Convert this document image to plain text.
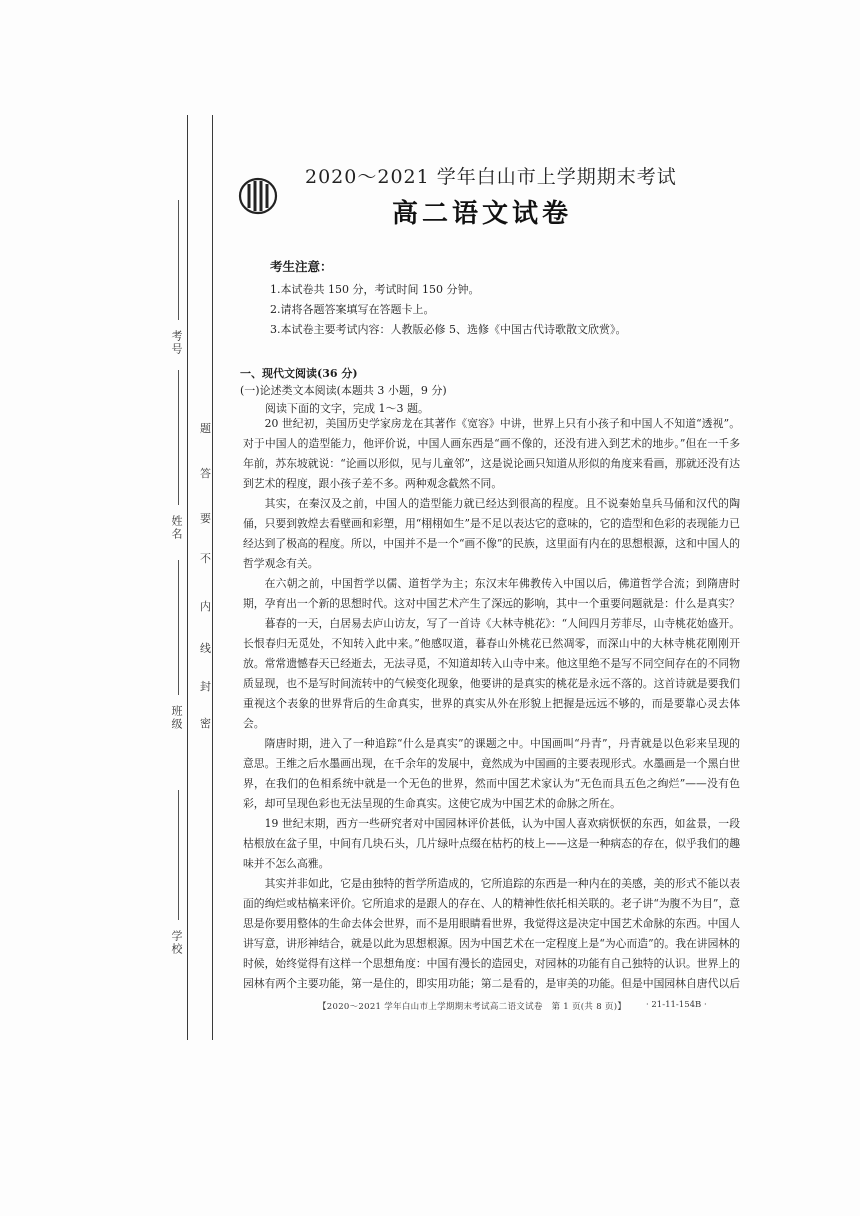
考号
姓名
班级
学校
密
封
线
内
不
要
答
题
2020～2021 学年白山市上学期期末考试
高二语文试卷
考生注意：
1.本试卷共 150 分，考试时间 150 分钟。
2.请将各题答案填写在答题卡上。
3.本试卷主要考试内容：人教版必修 5、选修《中国古代诗歌散文欣赏》。
一、现代文阅读(36 分)
(一)论述类文本阅读(本题共 3 小题，9 分)
阅读下面的文字，完成 1～3 题。

20 世纪初，美国历史学家房龙在其著作《宽容》中讲，世界上只有小孩子和中国人不知道“透视”。对于中国人的造型能力，他评价说，中国人画东西是“画不像的，还没有进入到艺术的地步。”但在一千多年前，苏东坡就说：“论画以形似，见与儿童邻”，这是说论画只知道从形似的角度来看画，那就还没有达到艺术的程度，跟小孩子差不多。两种观念截然不同。

其实，在秦汉及之前，中国人的造型能力就已经达到很高的程度。且不说秦始皇兵马俑和汉代的陶俑，只要到敦煌去看壁画和彩塑，用“栩栩如生”是不足以表达它的意味的，它的造型和色彩的表现能力已经达到了极高的程度。所以，中国并不是一个“画不像”的民族，这里面有内在的思想根源，这和中国人的哲学观念有关。

在六朝之前，中国哲学以儒、道哲学为主；东汉末年佛教传入中国以后，佛道哲学合流；到隋唐时期，孕育出一个新的思想时代。这对中国艺术产生了深远的影响，其中一个重要问题就是：什么是真实？

暮春的一天，白居易去庐山访友，写了一首诗《大林寺桃花》：“人间四月芳菲尽，山寺桃花始盛开。长恨春归无觅处，不知转入此中来。”他感叹道，暮春山外桃花已然凋零，而深山中的大林寺桃花刚刚开放。常常遗憾春天已经逝去，无法寻觅，不知道却转入山寺中来。他这里绝不是写不同空间存在的不同物质显现，也不是写时间流转中的气候变化现象，他要讲的是真实的桃花是永远不落的。这首诗就是要我们重视这个表象的世界背后的生命真实，世界的真实从外在形貌上把握是远远不够的，而是要靠心灵去体会。

隋唐时期，进入了一种追踪“什么是真实”的课题之中。中国画叫“丹青”，丹青就是以色彩来呈现的意思。王维之后水墨画出现，在千余年的发展中，竟然成为中国画的主要表现形式。水墨画是一个黑白世界，在我们的色相系统中就是一个无色的世界，然而中国艺术家认为“无色而具五色之绚烂”——没有色彩，却可呈现色彩也无法呈现的生命真实。这使它成为中国艺术的命脉之所在。

19 世纪末期，西方一些研究者对中国园林评价甚低，认为中国人喜欢病恹恹的东西，如盆景，一段枯根放在盆子里，中间有几块石头，几片绿叶点缀在枯朽的枝上——这是一种病态的存在，似乎我们的趣味并不怎么高雅。

其实并非如此，它是由独特的哲学所造成的，它所追踪的东西是一种内在的美感，美的形式不能以表面的绚烂或枯槁来评价。它所追求的是跟人的存在、人的精神性依托相关联的。老子讲“为腹不为目”，意思是你要用整体的生命去体会世界，而不是用眼睛看世界，我觉得这是决定中国艺术命脉的东西。中国人讲写意，讲形神结合，就是以此为思想根源。因为中国艺术在一定程度上是“为心而造”的。我在讲园林的时候，始终觉得有这样一个思想角度：中国有漫长的造园史，对园林的功能有自己独特的认识。世界上的园林有两个主要功能，第一是住的，即实用功能；第二是看的，是审美的功能。但是中国园林自唐代以后

【2020～2021 学年白山市上学期期末考试高二语文试卷　第 1 页(共 8 页)】 · 21-11-154B ·
